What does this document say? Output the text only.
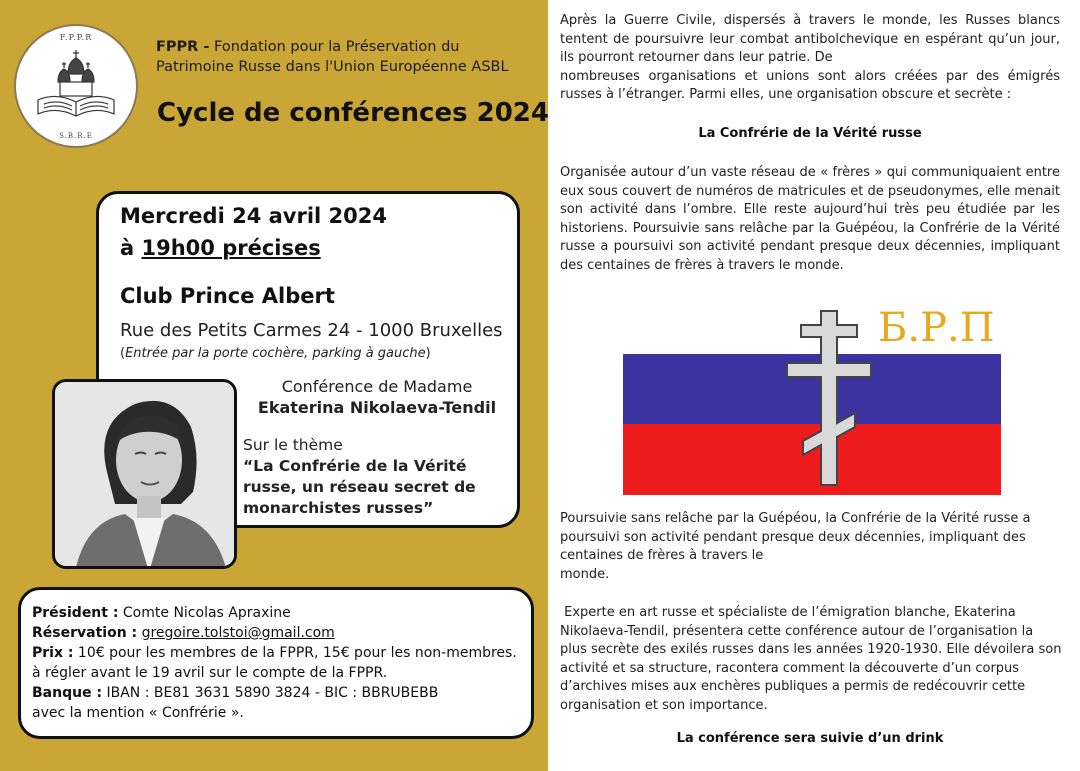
F.P.P.R
S.B.R.E
FPPR - Fondation pour la Préservation du Patrimoine Russe dans l'Union Européenne ASBL
Cycle de conférences 2024
Mercredi 24 avril 2024
à 19h00 précises
Club Prince Albert
Rue des Petits Carmes 24 - 1000 Bruxelles
(Entrée par la porte cochère, parking à gauche)
Conférence de Madame
Ekaterina Nikolaeva-Tendil
Sur le thème
“La Confrérie de la Vérité russe, un réseau secret de monarchistes russes”
Président : Comte Nicolas Apraxine
Réservation : gregoire.tolstoi@gmail.com
Prix : 10€ pour les membres de la FPPR, 15€ pour les non-membres.
à régler avant le 19 avril sur le compte de la FPPR.
Banque : IBAN : BE81 3631 5890 3824 - BIC : BBRUBEBB
avec la mention « Confrérie ».
Après la Guerre Civile, dispersés à travers le monde, les Russes blancs tentent de poursuivre leur combat antibolchevique en espérant qu’un jour, ils pourront retourner dans leur patrie. De
nombreuses organisations et unions sont alors créées par des émigrés russes à l’étranger. Parmi elles, une organisation obscure et secrète :
La Confrérie de la Vérité russe
Organisée autour d’un vaste réseau de « frères » qui communiquaient entre eux sous couvert de numéros de matricules et de pseudonymes, elle menait son activité dans l’ombre. Elle reste aujourd’hui très peu étudiée par les historiens. Poursuivie sans relâche par la Guépéou, la Confrérie de la Vérité russe a poursuivi son activité pendant presque deux décennies, impliquant des centaines de frères à travers le monde.
Б.Р.П
Poursuivie sans relâche par la Guépéou, la Confrérie de la Vérité russe a poursuivi son activité pendant presque deux décennies, impliquant des centaines de frères à travers le
monde.
Experte en art russe et spécialiste de l’émigration blanche, Ekaterina Nikolaeva-Tendil, présentera cette conférence autour de l’organisation la plus secrète des exilés russes dans les années 1920-1930. Elle dévoilera son activité et sa structure, racontera comment la découverte d’un corpus d’archives mises aux enchères publiques a permis de redécouvrir cette organisation et son importance.
La conférence sera suivie d’un drink
